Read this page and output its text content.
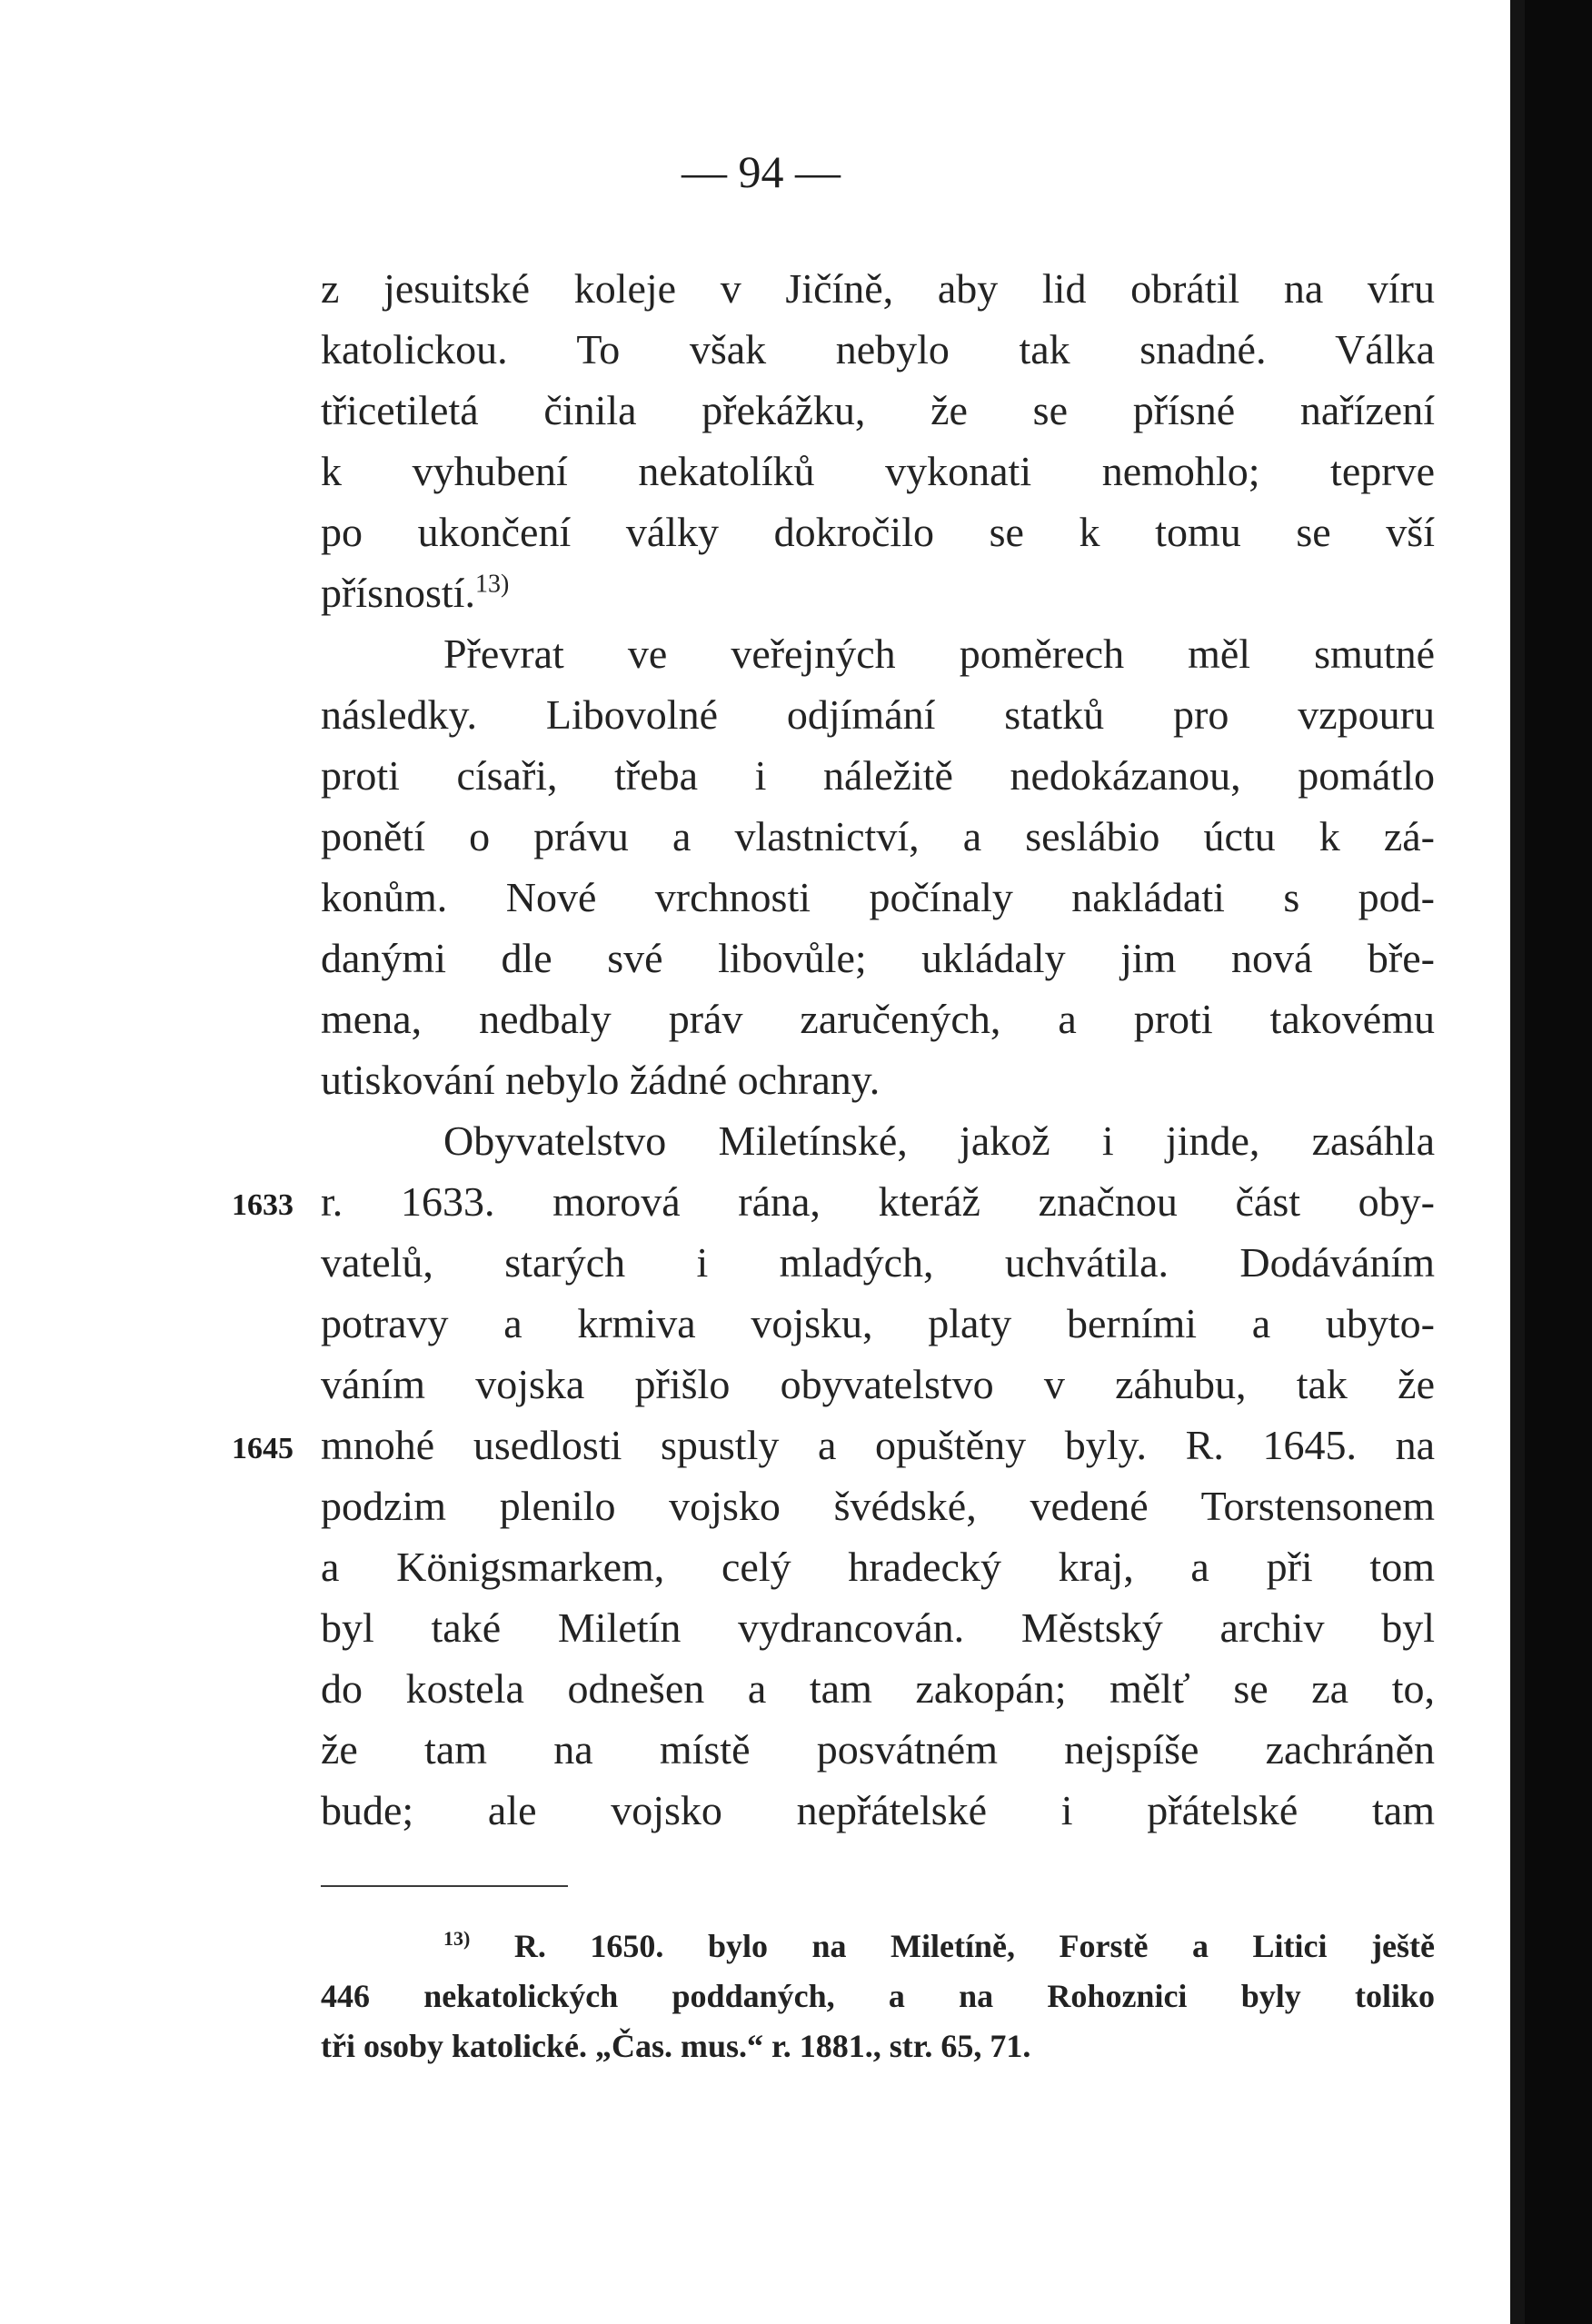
— 94 —
1633
1645
z jesuitské koleje v Jičíně, aby lid obrátil na víru
katolickou. To však nebylo tak snadné. Válka
třicetiletá činila překážku, že se přísné nařízení
k vyhubení nekatolíků vykonati nemohlo; teprve
po ukončení války dokročilo se k tomu se vší
přísností.$^{13)}$
Převrat ve veřejných poměrech měl smutné
následky. Libovolné odjímání statků pro vzpouru
proti císaři, třeba i náležitě nedokázanou, pomátlo
ponětí o právu a vlastnictví, a seslábio úctu k zá-
konům. Nové vrchnosti počínaly nakládati s pod-
danými dle své libovůle; ukládaly jim nová bře-
mena, nedbaly práv zaručených, a proti takovému
utiskování nebylo žádné ochrany.
Obyvatelstvo Miletínské, jakož i jinde, zasáhla
r. 1633. morová rána, kteráž značnou část oby-
vatelů, starých i mladých, uchvátila. Dodáváním
potravy a krmiva vojsku, platy berními a ubyto-
váním vojska přišlo obyvatelstvo v záhubu, tak že
mnohé usedlosti spustly a opuštěny byly. R. 1645. na
podzim plenilo vojsko švédské, vedené Torstensonem
a Königsmarkem, celý hradecký kraj, a při tom
byl také Miletín vydrancován. Městský archiv byl
do kostela odnešen a tam zakopán; mělť se za to,
že tam na místě posvátném nejspíše zachráněn
bude; ale vojsko nepřátelské i přátelské tam
$^{13)}$ R. 1650. bylo na Miletíně, Forstě a Litici ještě
446 nekatolických poddaných, a na Rohoznici byly toliko
tři osoby katolické. „Čas. mus.“ r. 1881., str. 65, 71.
